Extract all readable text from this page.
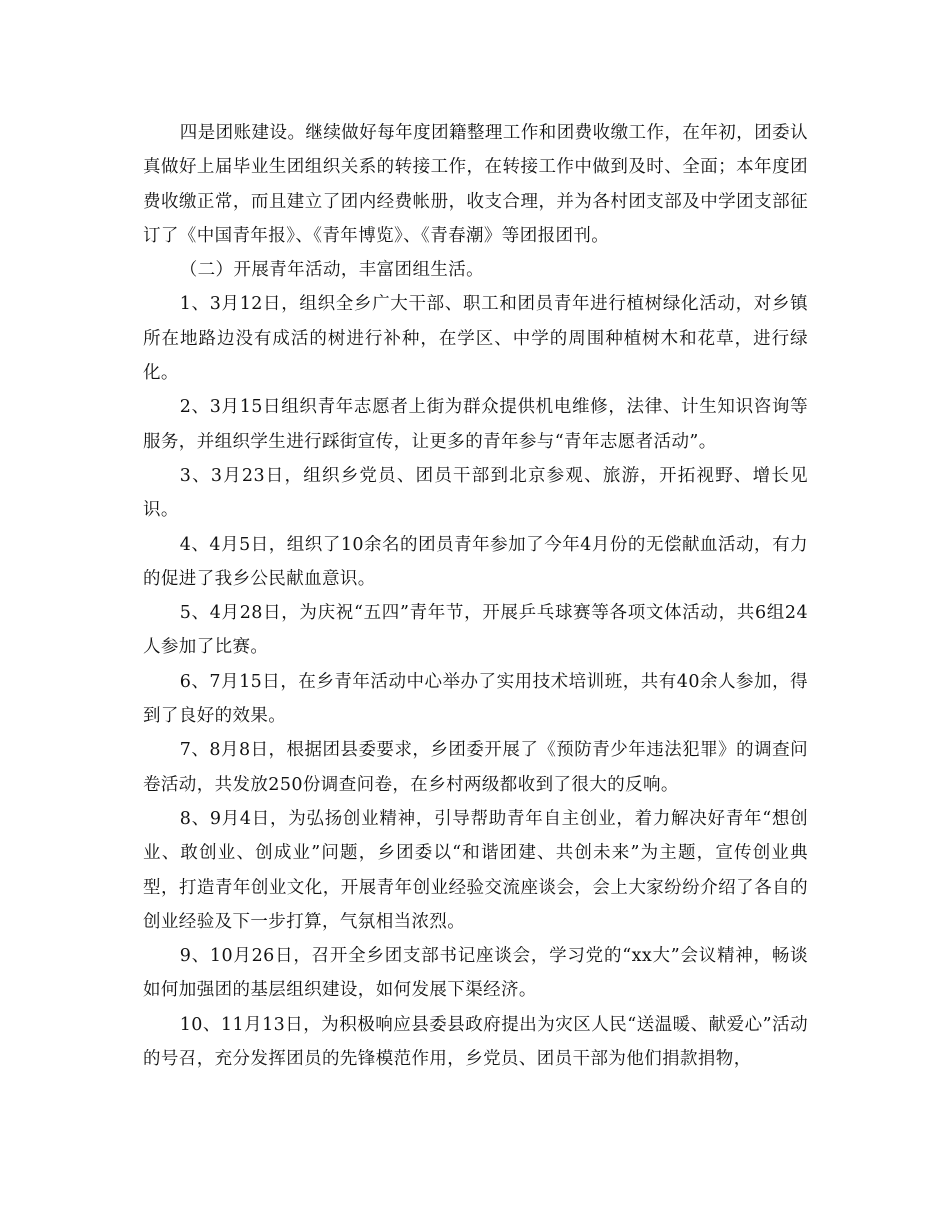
四是团账建设。继续做好每年度团籍整理工作和团费收缴工作，在年初，团委认真做好上届毕业生团组织关系的转接工作，在转接工作中做到及时、全面；本年度团费收缴正常，而且建立了团内经费帐册，收支合理，并为各村团支部及中学团支部征订了《中国青年报》、《青年博览》、《青春潮》等团报团刊。

（二）开展青年活动，丰富团组生活。

1、3月12日，组织全乡广大干部、职工和团员青年进行植树绿化活动，对乡镇所在地路边没有成活的树进行补种，在学区、中学的周围种植树木和花草，进行绿化。

2、3月15日组织青年志愿者上街为群众提供机电维修，法律、计生知识咨询等服务，并组织学生进行踩街宣传，让更多的青年参与“青年志愿者活动”。

3、3月23日，组织乡党员、团员干部到北京参观、旅游，开拓视野、增长见识。

4、4月5日，组织了10余名的团员青年参加了今年4月份的无偿献血活动，有力的促进了我乡公民献血意识。

5、4月28日，为庆祝“五四”青年节，开展乒乓球赛等各项文体活动，共6组24人参加了比赛。

6、7月15日，在乡青年活动中心举办了实用技术培训班，共有40余人参加，得到了良好的效果。

7、8月8日，根据团县委要求，乡团委开展了《预防青少年违法犯罪》的调查问卷活动，共发放250份调查问卷，在乡村两级都收到了很大的反响。

8、9月4日，为弘扬创业精神，引导帮助青年自主创业，着力解决好青年“想创业、敢创业、创成业”问题，乡团委以“和谐团建、共创未来”为主题，宣传创业典型，打造青年创业文化，开展青年创业经验交流座谈会，会上大家纷纷介绍了各自的创业经验及下一步打算，气氛相当浓烈。

9、10月26日，召开全乡团支部书记座谈会，学习党的“xx大”会议精神，畅谈如何加强团的基层组织建设，如何发展下渠经济。

10、11月13日，为积极响应县委县政府提出为灾区人民“送温暖、献爱心”活动的号召，充分发挥团员的先锋模范作用，乡党员、团员干部为他们捐款捐物，
